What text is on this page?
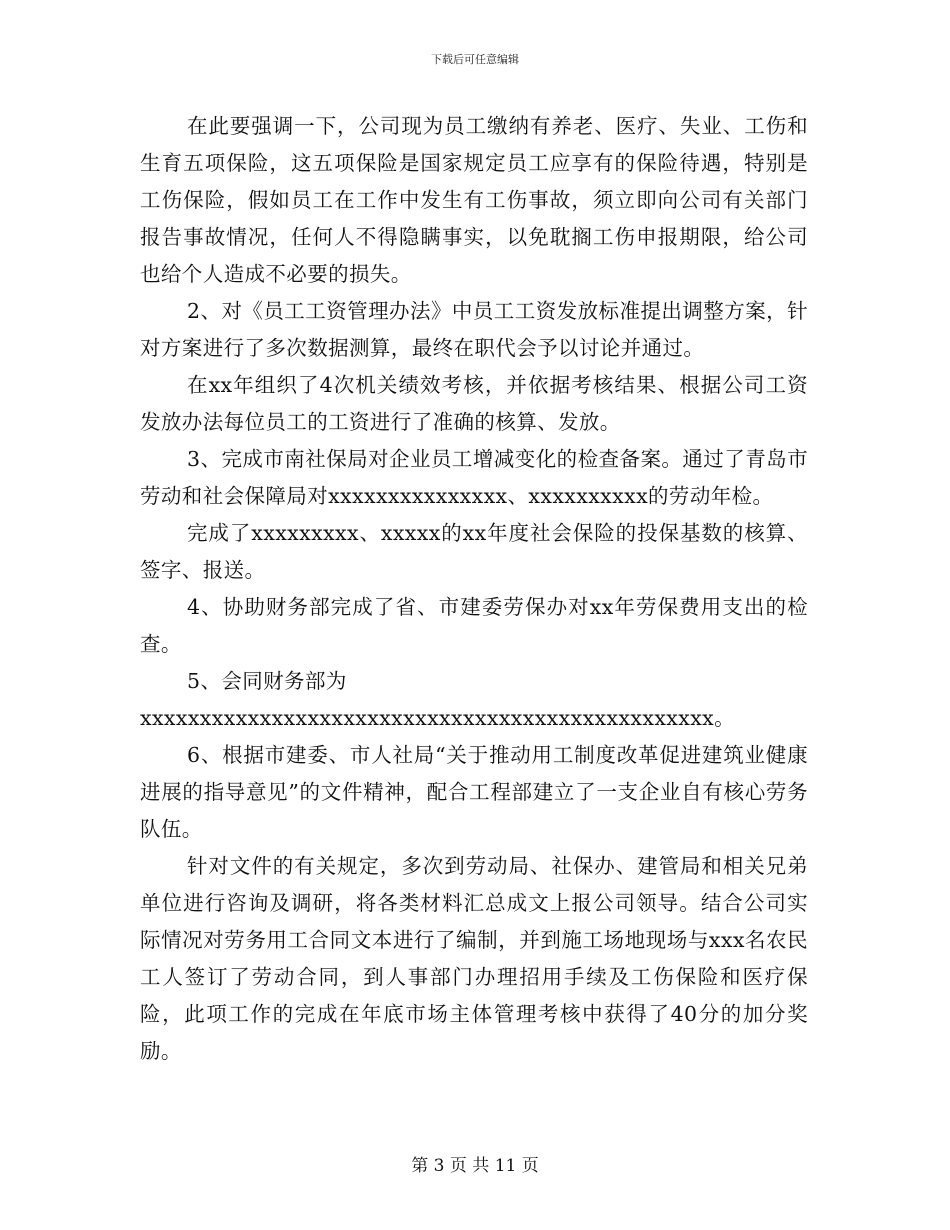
下载后可任意编辑

在此要强调一下，公司现为员工缴纳有养老、医疗、失业、工伤和生育五项保险，这五项保险是国家规定员工应享有的保险待遇，特别是工伤保险，假如员工在工作中发生有工伤事故，须立即向公司有关部门报告事故情况，任何人不得隐瞒事实，以免耽搁工伤申报期限，给公司也给个人造成不必要的损失。

2、对《员工工资管理办法》中员工工资发放标准提出调整方案，针对方案进行了多次数据测算，最终在职代会予以讨论并通过。

在xx年组织了4次机关绩效考核，并依据考核结果、根据公司工资发放办法每位员工的工资进行了准确的核算、发放。

3、完成市南社保局对企业员工增减变化的检查备案。通过了青岛市劳动和社会保障局对xxxxxxxxxxxxxxx、xxxxxxxxxx的劳动年检。

完成了xxxxxxxxx、xxxxx的xx年度社会保险的投保基数的核算、签字、报送。

4、协助财务部完成了省、市建委劳保办对xx年劳保费用支出的检查。

5、会同财务部为

xxxxxxxxxxxxxxxxxxxxxxxxxxxxxxxxxxxxxxxxxxxxxxxx。

6、根据市建委、市人社局“关于推动用工制度改革促进建筑业健康进展的指导意见”的文件精神，配合工程部建立了一支企业自有核心劳务队伍。

针对文件的有关规定，多次到劳动局、社保办、建管局和相关兄弟单位进行咨询及调研，将各类材料汇总成文上报公司领导。结合公司实际情况对劳务用工合同文本进行了编制，并到施工场地现场与xxx名农民工人签订了劳动合同，到人事部门办理招用手续及工伤保险和医疗保险，此项工作的完成在年底市场主体管理考核中获得了40分的加分奖励。

第 3 页 共 11 页
